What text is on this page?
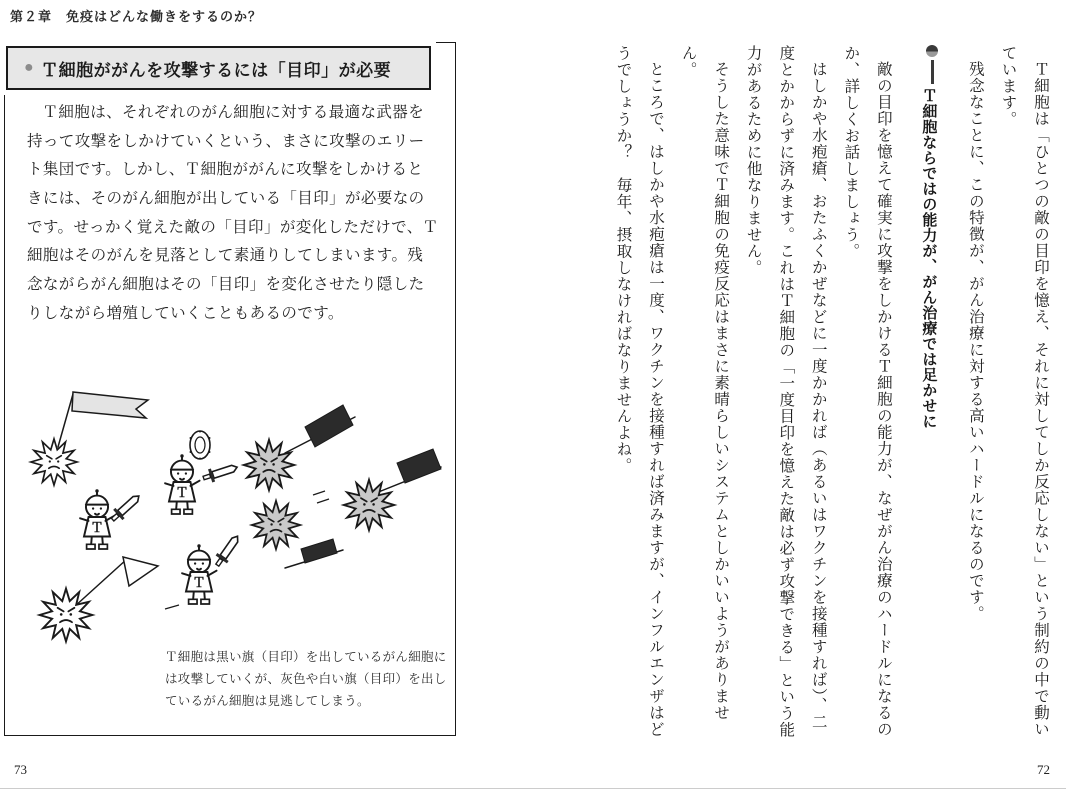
第２章　免疫はどんな働きをするのか？

Ｔ細胞は、それぞれのがん細胞に対する最適な武器を持って攻撃をしかけていくという、まさに攻撃のエリート集団です。しかし、Ｔ細胞ががんに攻撃をしかけるときには、そのがん細胞が出している「目印」が必要なのです。せっかく覚えた敵の「目印」が変化しただけで、Ｔ細胞はそのがんを見落として素通りしてしまいます。残念ながらがん細胞はその「目印」を変化させたり隠したりしながら増殖していくこともあるのです。

Ｔ
Ｔ
Ｔ

Ｔ細胞は黒い旗（目印）を出しているがん細胞には攻撃していくが、灰色や白い旗（目印）を出しているがん細胞は見逃してしまう。

● Ｔ細胞ががんを攻撃するには「目印」が必要	Ｔ細胞は「ひとつの敵の目印を憶え、それに対してしか反応しない」という制約の中で動いています。

残念なことに、この特徴が、がん治療に対する高いハードルになるのです。

Ｔ細胞ならではの能力が、がん治療では足かせに

敵の目印を憶えて確実に攻撃をしかけるＴ細胞の能力が、なぜがん治療のハードルになるのか、詳しくお話しましょう。

はしかや水疱瘡、おたふくかぜなどに一度かかれば（あるいはワクチンを接種すれば）、二度とかからずに済みます。これはＴ細胞の「一度目印を憶えた敵は必ず攻撃できる」という能力があるために他なりません。

そうした意味でＴ細胞の免疫反応はまさに素晴らしいシステムとしかいいようがありません。

ところで、はしかや水疱瘡は一度、ワクチンを接種すれば済みますが、インフルエンザはどうでしょうか？　毎年、摂取しなければなりませんよね。

73	72
